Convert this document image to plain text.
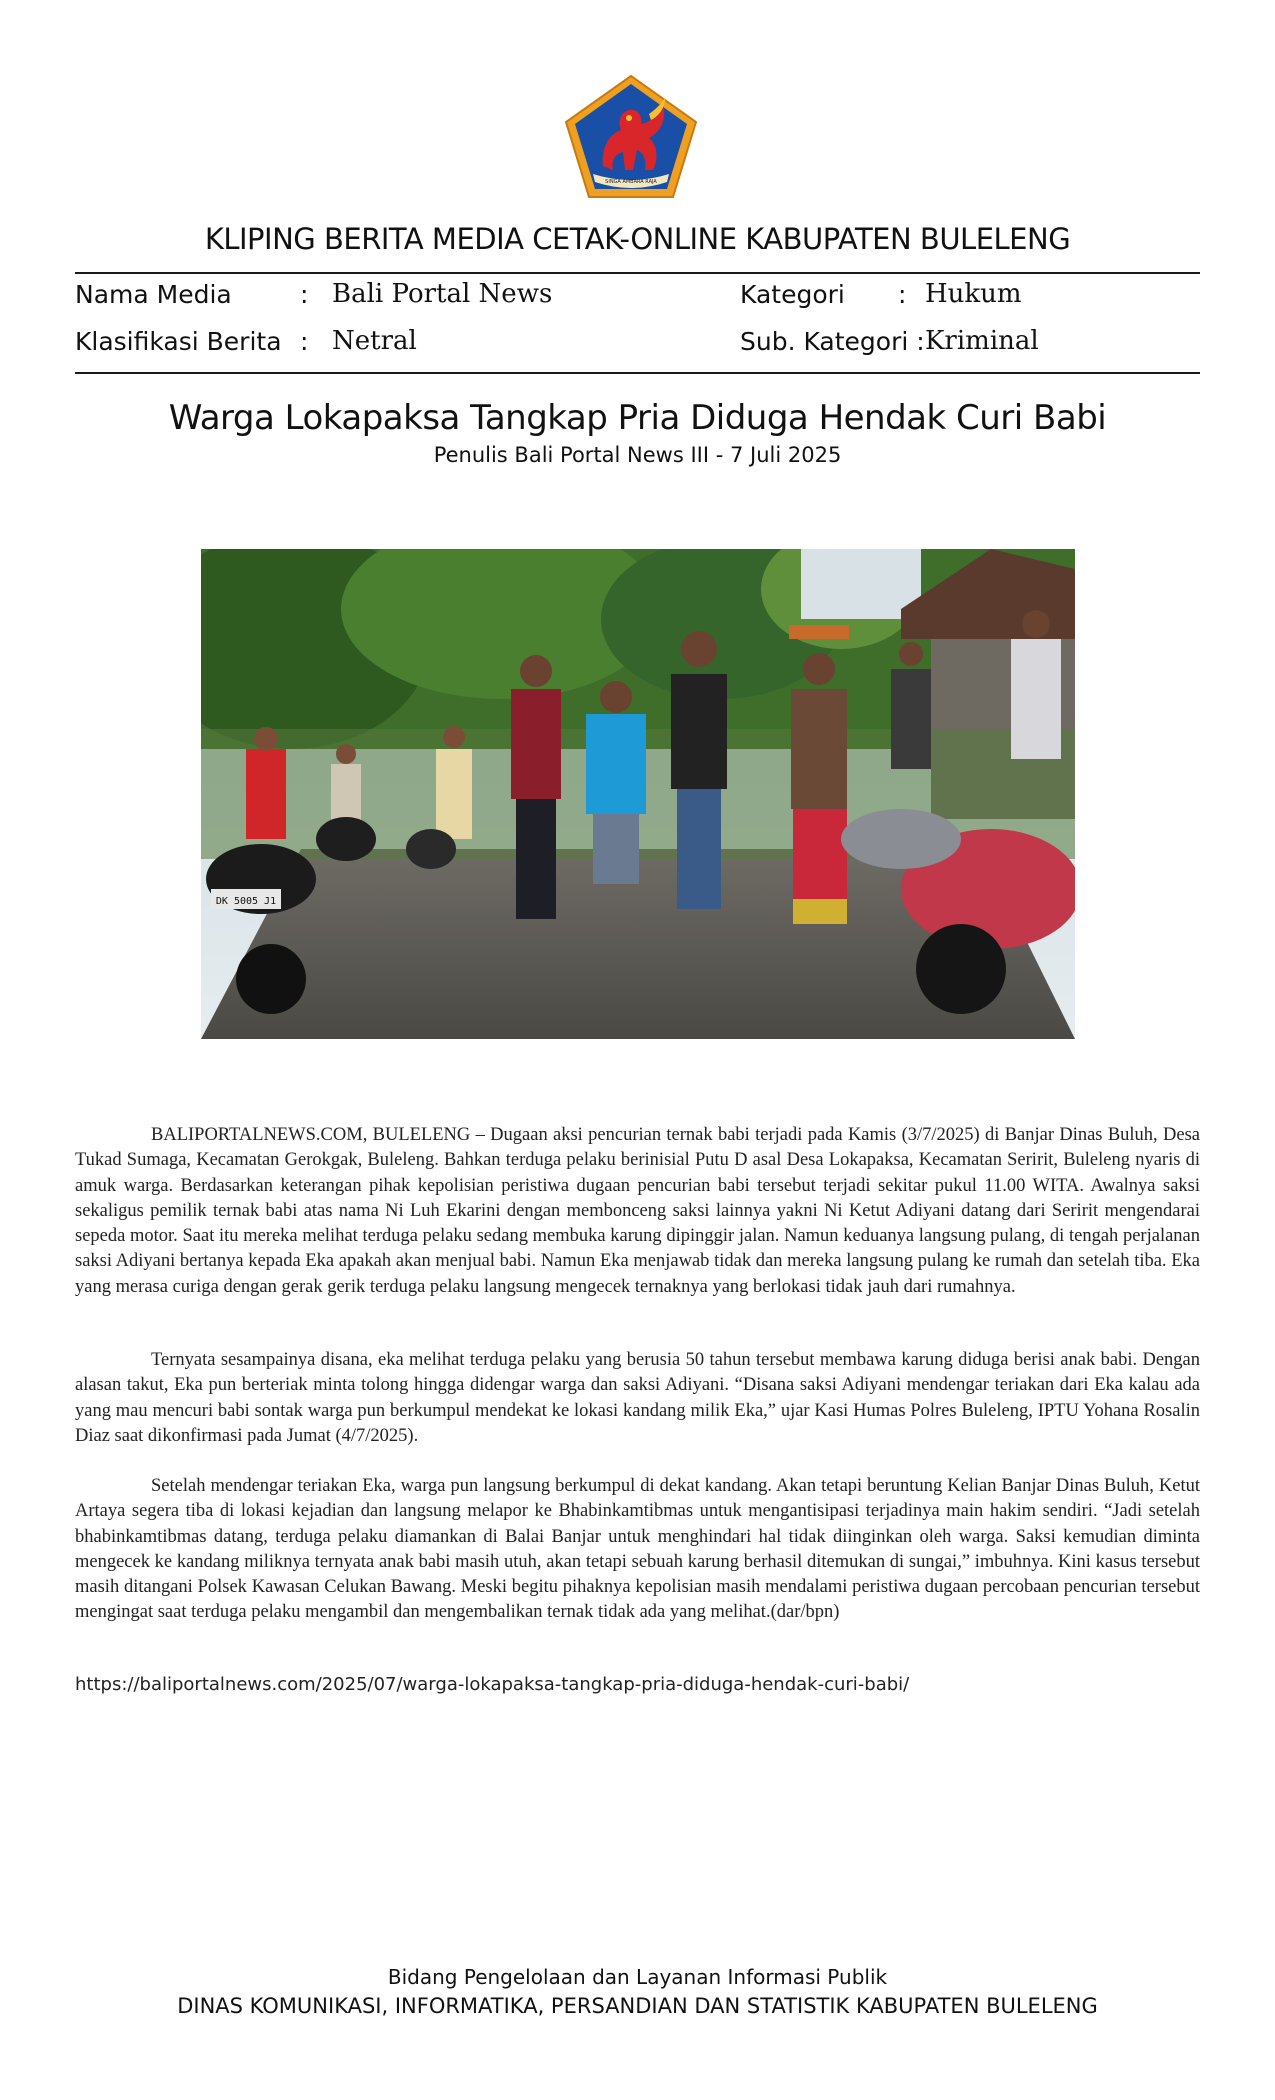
SINGA AMBARA RAJA
KLIPING BERITA MEDIA CETAK-ONLINE KABUPATEN BULELENG
Nama Media	: Bali Portal News	Kategori : Hukum
Klasifikasi Berita : Netral	Sub. Kategori : Kriminal
Warga Lokapaksa Tangkap Pria Diduga Hendak Curi Babi
Penulis Bali Portal News III - 7 Juli 2025
DK 5005 J1

BALIPORTALNEWS.COM, BULELENG – Dugaan aksi pencurian ternak babi terjadi pada Kamis (3/7/2025) di Banjar Dinas Buluh, Desa Tukad Sumaga, Kecamatan Gerokgak, Buleleng. Bahkan terduga pelaku berinisial Putu D asal Desa Lokapaksa, Kecamatan Seririt, Buleleng nyaris di amuk warga. Berdasarkan keterangan pihak kepolisian peristiwa dugaan pencurian babi tersebut terjadi sekitar pukul 11.00 WITA. Awalnya saksi sekaligus pemilik ternak babi atas nama Ni Luh Ekarini dengan membonceng saksi lainnya yakni Ni Ketut Adiyani datang dari Seririt mengendarai sepeda motor. Saat itu mereka melihat terduga pelaku sedang membuka karung dipinggir jalan. Namun keduanya langsung pulang, di tengah perjalanan saksi Adiyani bertanya kepada Eka apakah akan menjual babi. Namun Eka menjawab tidak dan mereka langsung pulang ke rumah dan setelah tiba. Eka yang merasa curiga dengan gerak gerik terduga pelaku langsung mengecek ternaknya yang berlokasi tidak jauh dari rumahnya.

Ternyata sesampainya disana, eka melihat terduga pelaku yang berusia 50 tahun tersebut membawa karung diduga berisi anak babi. Dengan alasan takut, Eka pun berteriak minta tolong hingga didengar warga dan saksi Adiyani. “Disana saksi Adiyani mendengar teriakan dari Eka kalau ada yang mau mencuri babi sontak warga pun berkumpul mendekat ke lokasi kandang milik Eka,” ujar Kasi Humas Polres Buleleng, IPTU Yohana Rosalin Diaz saat dikonfirmasi pada Jumat (4/7/2025).

Setelah mendengar teriakan Eka, warga pun langsung berkumpul di dekat kandang. Akan tetapi beruntung Kelian Banjar Dinas Buluh, Ketut Artaya segera tiba di lokasi kejadian dan langsung melapor ke Bhabinkamtibmas untuk mengantisipasi terjadinya main hakim sendiri. “Jadi setelah bhabinkamtibmas datang, terduga pelaku diamankan di Balai Banjar untuk menghindari hal tidak diinginkan oleh warga. Saksi kemudian diminta mengecek ke kandang miliknya ternyata anak babi masih utuh, akan tetapi sebuah karung berhasil ditemukan di sungai,” imbuhnya. Kini kasus tersebut masih ditangani Polsek Kawasan Celukan Bawang. Meski begitu pihaknya kepolisian masih mendalami peristiwa dugaan percobaan pencurian tersebut mengingat saat terduga pelaku mengambil dan mengembalikan ternak tidak ada yang melihat.(dar/bpn)

https://baliportalnews.com/2025/07/warga-lokapaksa-tangkap-pria-diduga-hendak-curi-babi/
Bidang Pengelolaan dan Layanan Informasi Publik
DINAS KOMUNIKASI, INFORMATIKA, PERSANDIAN DAN STATISTIK KABUPATEN BULELENG
